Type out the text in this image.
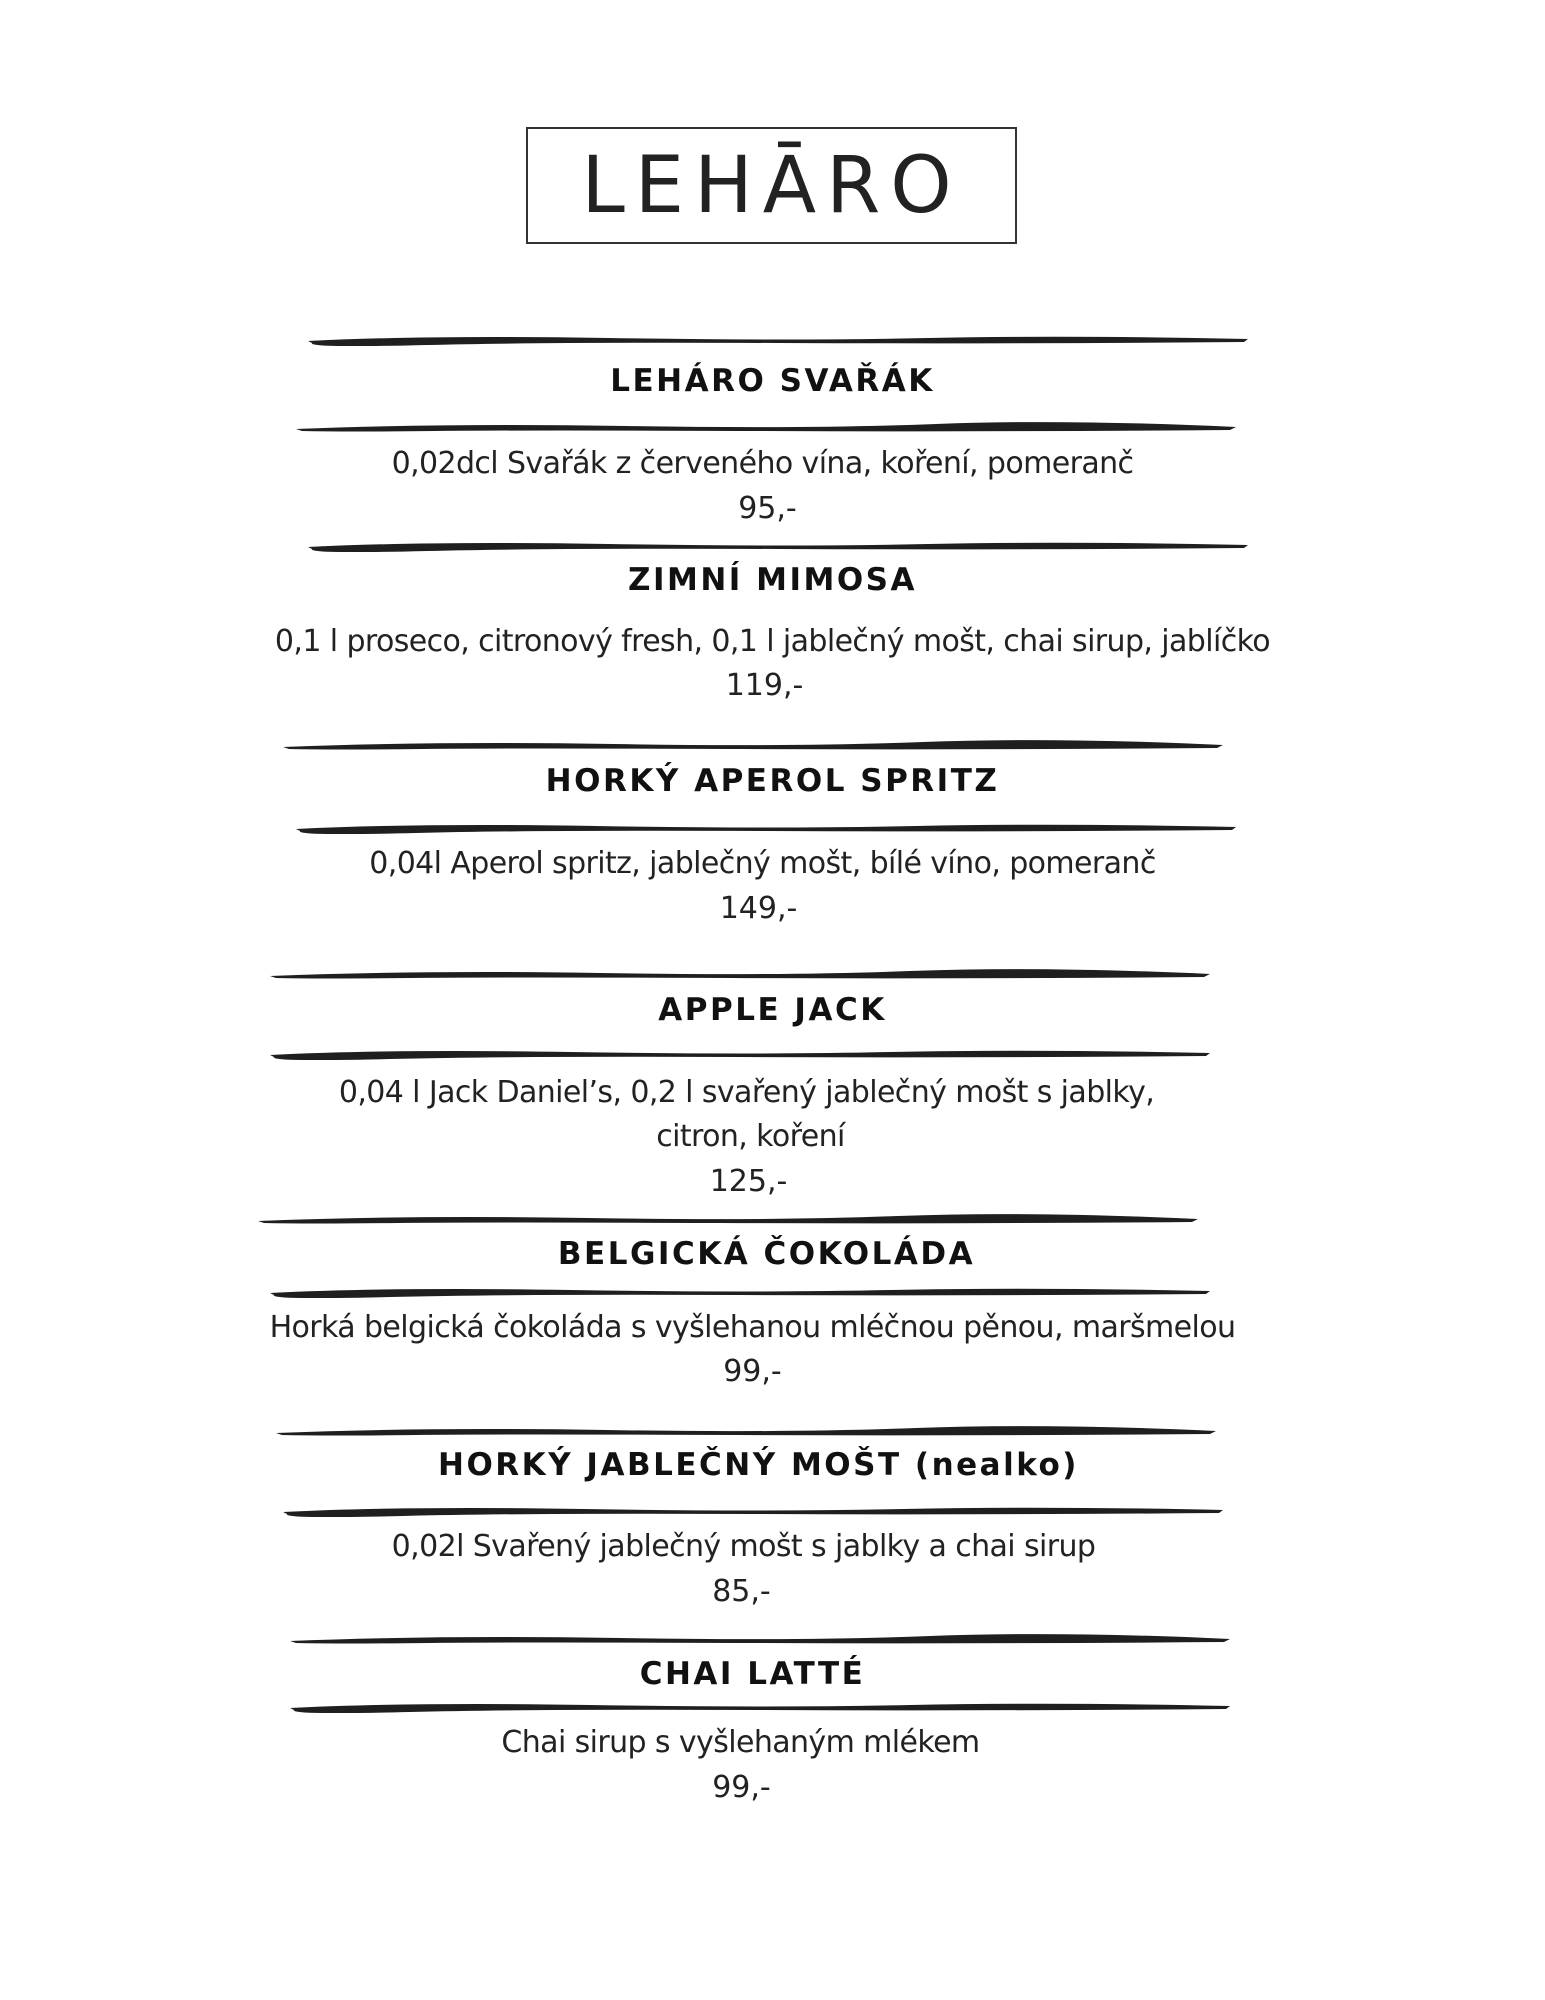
LEHĀRO
LEHÁRO SVAŘÁK
0,02dcl Svařák z červeného vína, koření, pomeranč
95,-
ZIMNÍ MIMOSA
0,1 l proseco, citronový fresh, 0,1 l jablečný mošt, chai sirup, jablíčko
119,-
HORKÝ APEROL SPRITZ
0,04l Aperol spritz, jablečný mošt, bílé víno, pomeranč
149,-
APPLE JACK
0,04 l Jack Daniel’s, 0,2 l svařený jablečný mošt s jablky,
citron, koření
125,-
BELGICKÁ ČOKOLÁDA
Horká belgická čokoláda s vyšlehanou mléčnou pěnou, maršmelou
99,-
HORKÝ JABLEČNÝ MOŠT (nealko)
0,02l Svařený jablečný mošt s jablky a chai sirup
85,-
CHAI LATTÉ
Chai sirup s vyšlehaným mlékem
99,-
